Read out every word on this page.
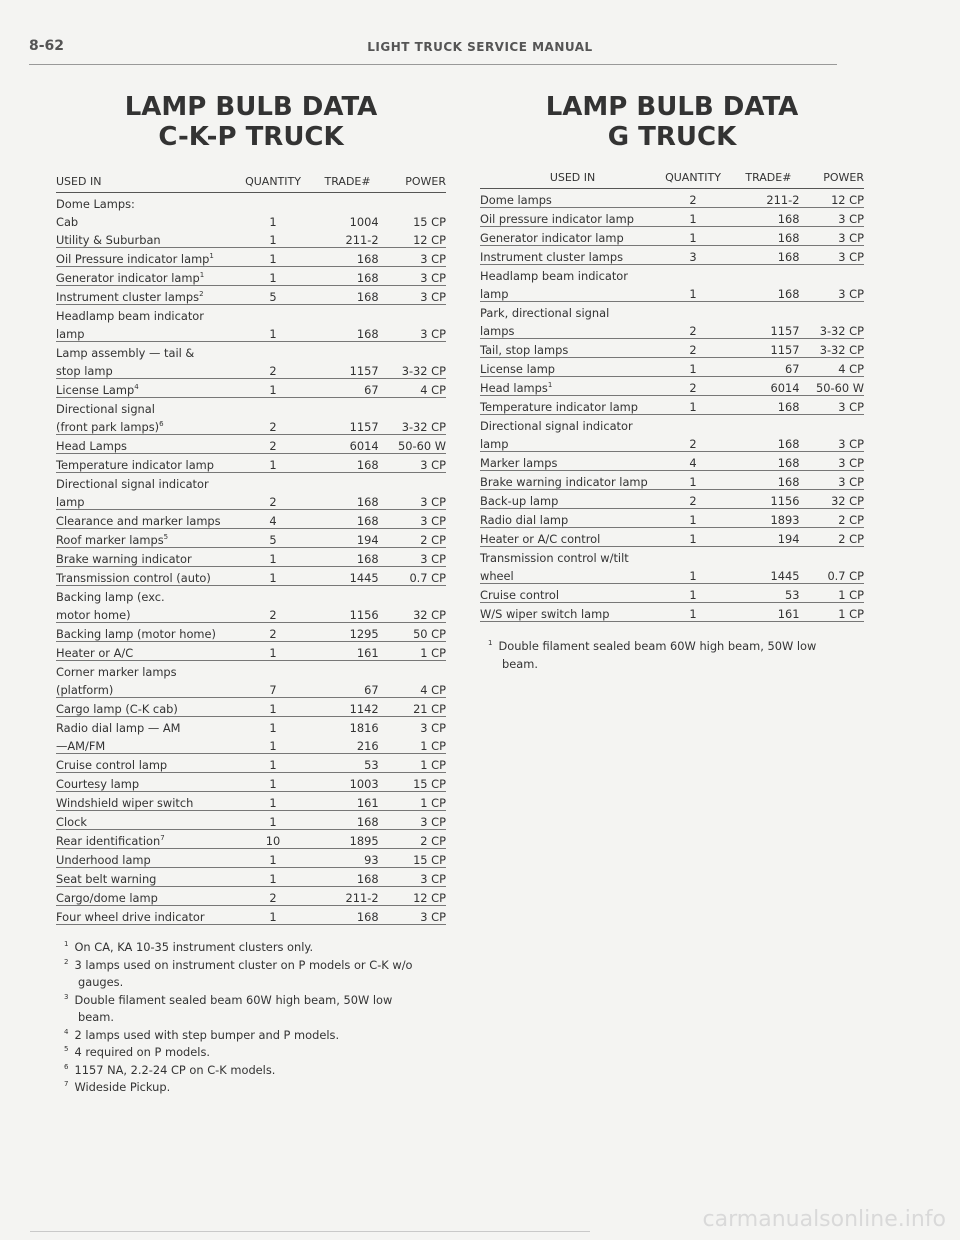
8-62	LIGHT TRUCK SERVICE MANUAL
LAMP BULB DATA
C-K-P TRUCK
USED IN	QUANTITY	TRADE#	POWER
Dome Lamps:			
Cab	1	1004	15 CP
Utility & Suburban	1	211-2	12 CP
Oil Pressure indicator lamp$^1$	1	168	3 CP
Generator indicator lamp$^1$	1	168	3 CP
Instrument cluster lamps$^2$	5	168	3 CP
Headlamp beam indicator			
lamp	1	168	3 CP
Lamp assembly — tail &			
stop lamp	2	1157	3-32 CP
License Lamp$^4$	1	67	4 CP
Directional signal			
(front park lamps)$^6$	2	1157	3-32 CP
Head Lamps	2	6014	50-60 W
Temperature indicator lamp	1	168	3 CP
Directional signal indicator			
lamp	2	168	3 CP
Clearance and marker lamps	4	168	3 CP
Roof marker lamps$^5$	5	194	2 CP
Brake warning indicator	1	168	3 CP
Transmission control (auto)	1	1445	0.7 CP
Backing lamp (exc.			
motor home)	2	1156	32 CP
Backing lamp (motor home)	2	1295	50 CP
Heater or A/C	1	161	1 CP
Corner marker lamps			
(platform)	7	67	4 CP
Cargo lamp (C-K cab)	1	1142	21 CP
Radio dial lamp — AM	1	1816	3 CP
—AM/FM	1	216	1 CP
Cruise control lamp	1	53	1 CP
Courtesy lamp	1	1003	15 CP
Windshield wiper switch	1	161	1 CP
Clock	1	168	3 CP
Rear identification$^7$	10	1895	2 CP
Underhood lamp	1	93	15 CP
Seat belt warning	1	168	3 CP
Cargo/dome lamp	2	211-2	12 CP
Four wheel drive indicator	1	168	3 CP
$^1$ On CA, KA 10-35 instrument clusters only.
$^2$ 3 lamps used on instrument cluster on P models or C-K w/o
gauges.
$^3$ Double filament sealed beam 60W high beam, 50W low
beam.
$^4$ 2 lamps used with step bumper and P models.
$^5$ 4 required on P models.
$^6$ 1157 NA, 2.2-24 CP on C-K models.
$^7$ Wideside Pickup.
LAMP BULB DATA
G TRUCK
USED IN	QUANTITY	TRADE#	POWER
Dome lamps	2	211-2	12 CP
Oil pressure indicator lamp	1	168	3 CP
Generator indicator lamp	1	168	3 CP
Instrument cluster lamps	3	168	3 CP
Headlamp beam indicator			
lamp	1	168	3 CP
Park, directional signal			
lamps	2	1157	3-32 CP
Tail, stop lamps	2	1157	3-32 CP
License lamp	1	67	4 CP
Head lamps$^1$	2	6014	50-60 W
Temperature indicator lamp	1	168	3 CP
Directional signal indicator			
lamp	2	168	3 CP
Marker lamps	4	168	3 CP
Brake warning indicator lamp	1	168	3 CP
Back-up lamp	2	1156	32 CP
Radio dial lamp	1	1893	2 CP
Heater or A/C control	1	194	2 CP
Transmission control w/tilt			
wheel	1	1445	0.7 CP
Cruise control	1	53	1 CP
W/S wiper switch lamp	1	161	1 CP
$^1$ Double filament sealed beam 60W high beam, 50W low
beam.
carmanualsonline.info
